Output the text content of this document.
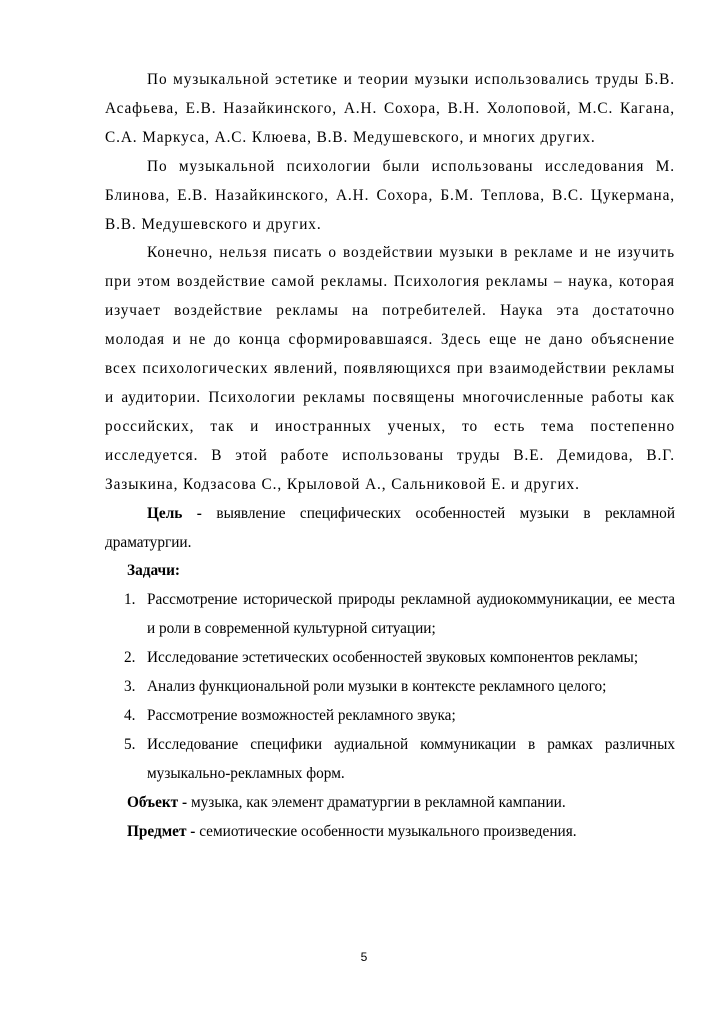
По музыкальной эстетике и теории музыки использовались труды Б.В. Асафьева, Е.В. Назайкинского, А.Н. Сохора, В.Н. Холоповой, М.С. Кагана, С.А. Маркуса, А.С. Клюева, В.В. Медушевского, и многих других.

По музыкальной психологии были использованы исследования М. Блинова, Е.В. Назайкинского, А.Н. Сохора, Б.М. Теплова, В.С. Цукермана, В.В. Медушевского и других.

Конечно, нельзя писать о воздействии музыки в рекламе и не изучить при этом воздействие самой рекламы. Психология рекламы – наука, которая изучает воздействие рекламы на потребителей. Наука эта достаточно молодая и не до конца сформировавшаяся. Здесь еще не дано объяснение всех психологических явлений, появляющихся при взаимодействии рекламы и аудитории. Психологии рекламы посвящены многочисленные работы как российских, так и иностранных ученых, то есть тема постепенно исследуется. В этой работе использованы труды В.Е. Демидова, В.Г. Зазыкина, Кодзасова С., Крыловой А., Сальниковой Е. и других.

Цель - выявление специфических особенностей музыки в рекламной драматургии.

Задачи:

1. Рассмотрение исторической природы рекламной аудиокоммуникации, ее места и роли в современной культурной ситуации;
2. Исследование эстетических особенностей звуковых компонентов рекламы;
3. Анализ функциональной роли музыки в контексте рекламного целого;
4. Рассмотрение возможностей рекламного звука;
5. Исследование специфики аудиальной коммуникации в рамках различных музыкально-рекламных форм.

Объект - музыка, как элемент драматургии в рекламной кампании.

Предмет - семиотические особенности музыкального произведения.

5
